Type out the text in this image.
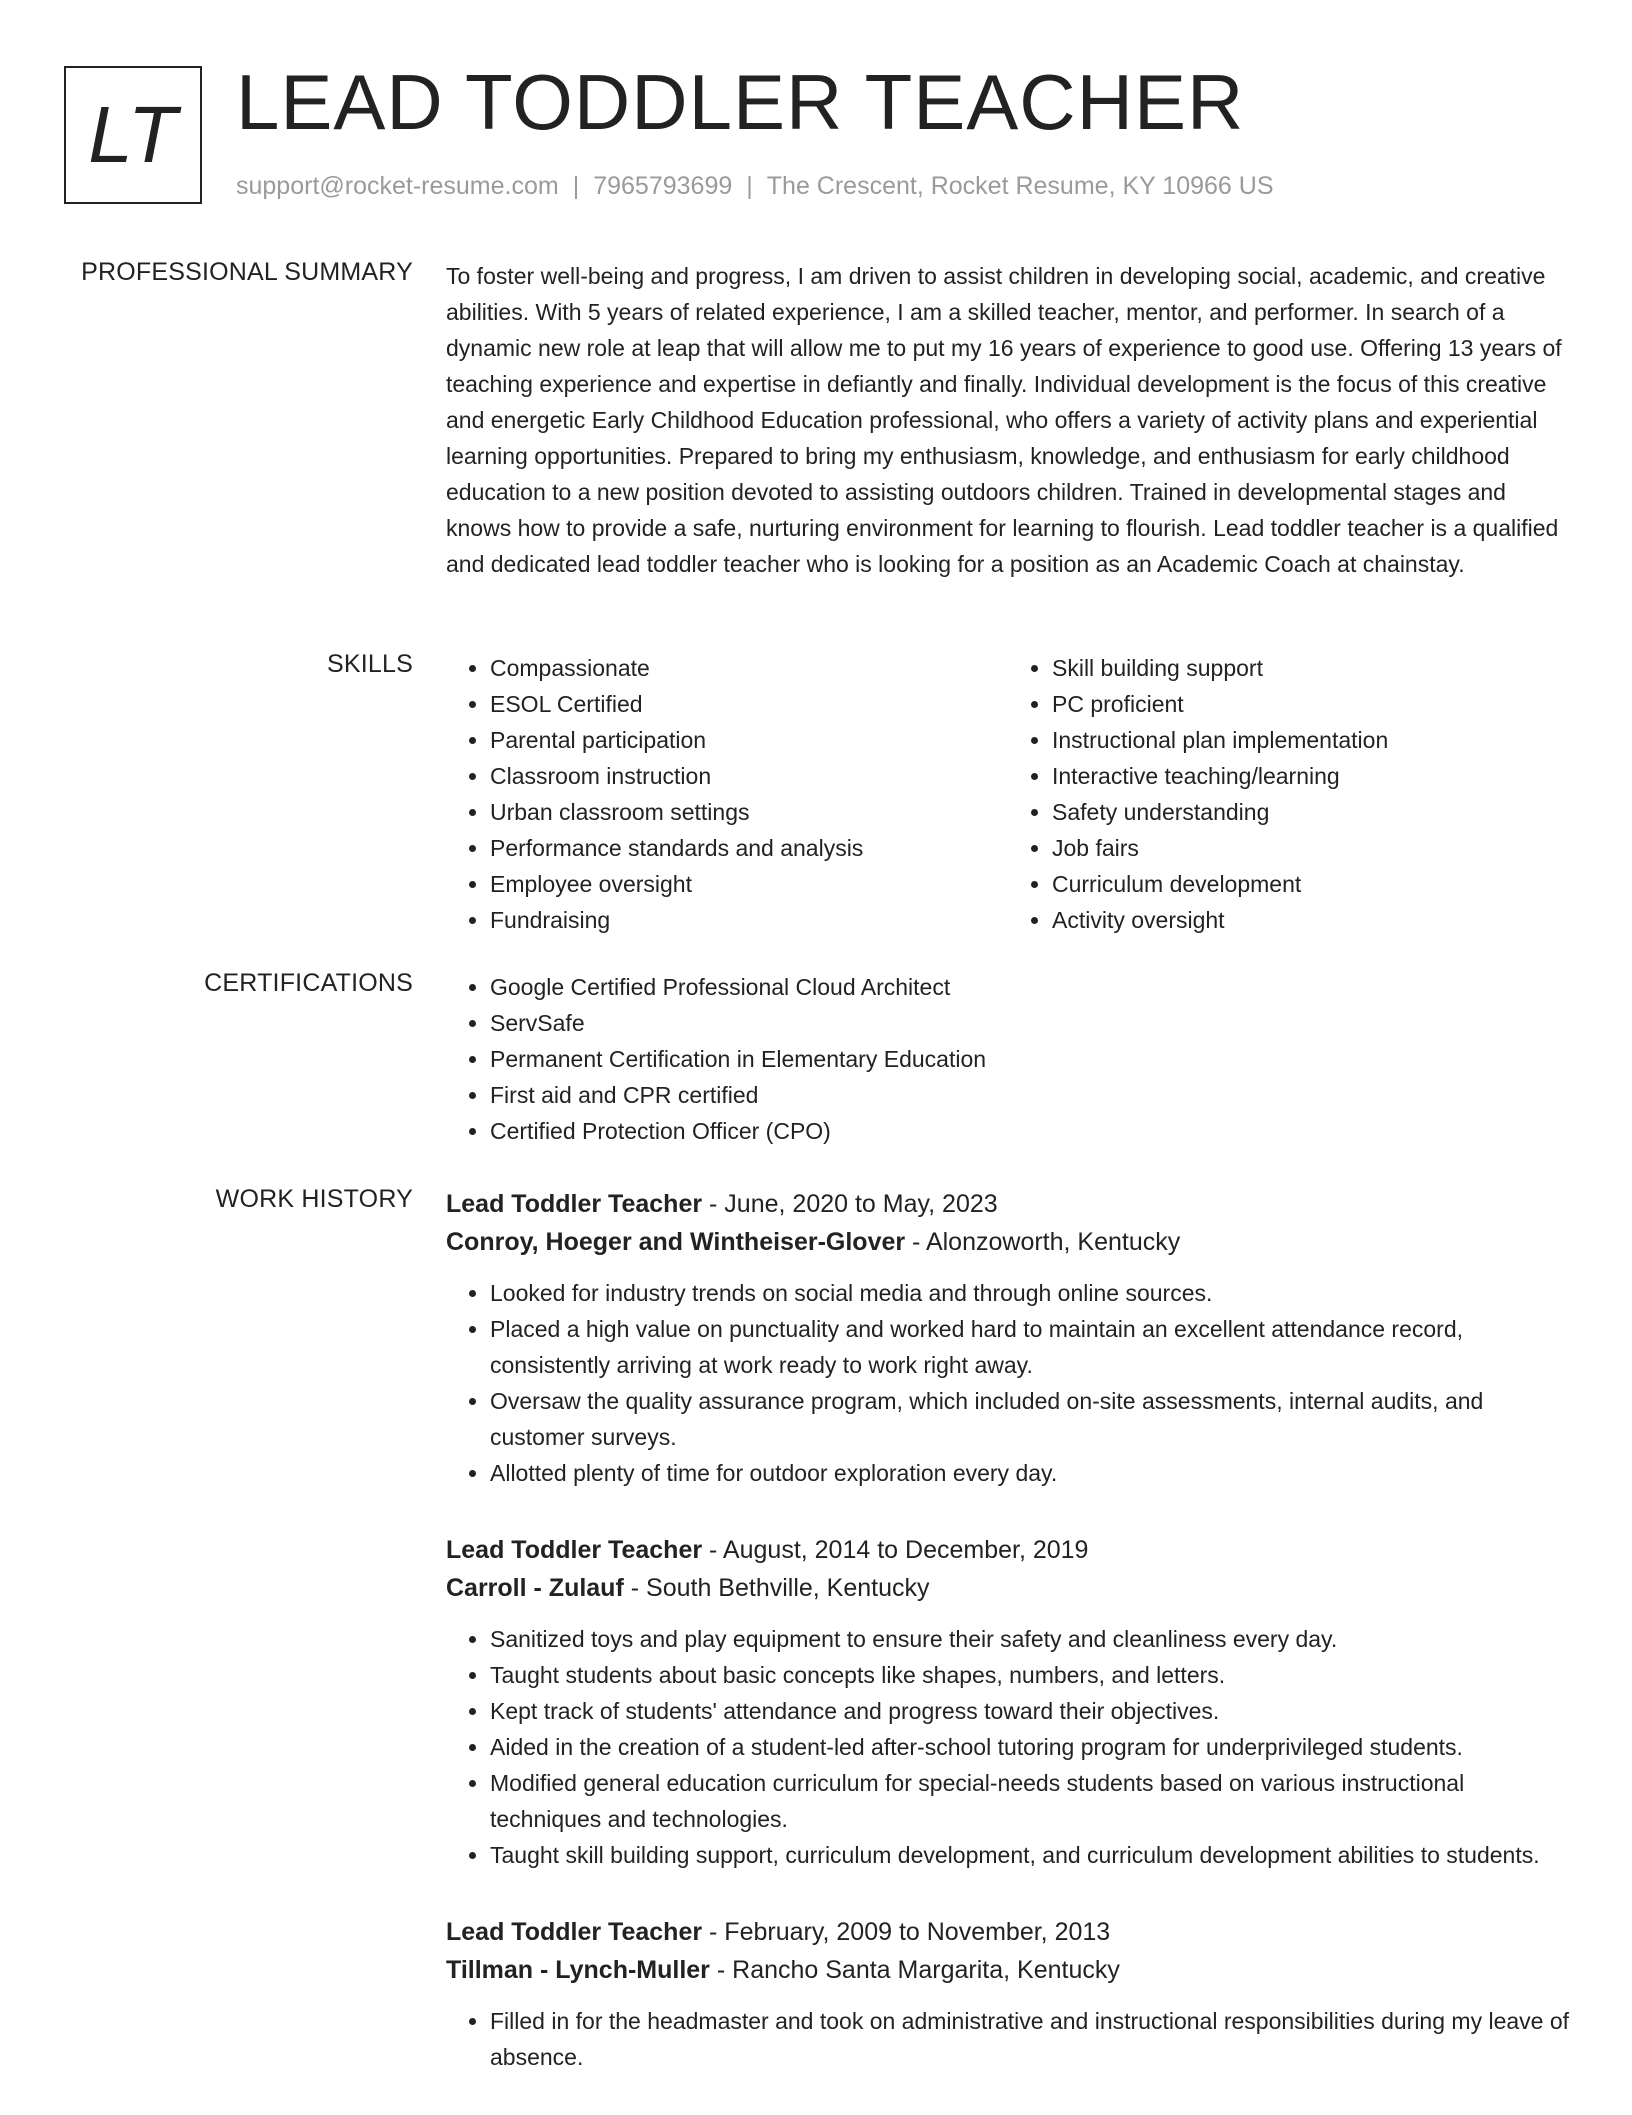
LT LEAD TODDLER TEACHER
support@rocket-resume.com | 7965793699 | The Crescent, Rocket Resume, KY 10966 US
PROFESSIONAL SUMMARY To foster well-being and progress, I am driven to assist children in developing social, academic, and creative abilities. With 5 years of related experience, I am a skilled teacher, mentor, and performer. In search of a dynamic new role at leap that will allow me to put my 16 years of experience to good use. Offering 13 years of teaching experience and expertise in defiantly and finally. Individual development is the focus of this creative and energetic Early Childhood Education professional, who offers a variety of activity plans and experiential learning opportunities. Prepared to bring my enthusiasm, knowledge, and enthusiasm for early childhood education to a new position devoted to assisting outdoors children. Trained in developmental stages and knows how to provide a safe, nurturing environment for learning to flourish. Lead toddler teacher is a qualified and dedicated lead toddler teacher who is looking for a position as an Academic Coach at chainstay.

SKILLS	• Compassionate
• ESOL Certified
• Parental participation
• Classroom instruction
• Urban classroom settings
• Performance standards and analysis
• Employee oversight
• Fundraising
• Skill building support
• PC proficient
• Instructional plan implementation
• Interactive teaching/learning
• Safety understanding
• Job fairs
• Curriculum development
• Activity oversight
CERTIFICATIONS	• Google Certified Professional Cloud Architect
• ServSafe
• Permanent Certification in Elementary Education
• First aid and CPR certified
• Certified Protection Officer (CPO)
WORK HISTORY Lead Toddler Teacher - June, 2020 to May, 2023
Conroy, Hoeger and Wintheiser-Glover - Alonzoworth, Kentucky
• Looked for industry trends on social media and through online sources.
• Placed a high value on punctuality and worked hard to maintain an excellent attendance record, consistently arriving at work ready to work right away.
• Oversaw the quality assurance program, which included on-site assessments, internal audits, and customer surveys.
• Allotted plenty of time for outdoor exploration every day.
Lead Toddler Teacher - August, 2014 to December, 2019
Carroll - Zulauf - South Bethville, Kentucky
• Sanitized toys and play equipment to ensure their safety and cleanliness every day.
• Taught students about basic concepts like shapes, numbers, and letters.
• Kept track of students' attendance and progress toward their objectives.
• Aided in the creation of a student-led after-school tutoring program for underprivileged students.
• Modified general education curriculum for special-needs students based on various instructional techniques and technologies.
• Taught skill building support, curriculum development, and curriculum development abilities to students.
Lead Toddler Teacher - February, 2009 to November, 2013
Tillman - Lynch-Muller - Rancho Santa Margarita, Kentucky
• Filled in for the headmaster and took on administrative and instructional responsibilities during my leave of absence.
